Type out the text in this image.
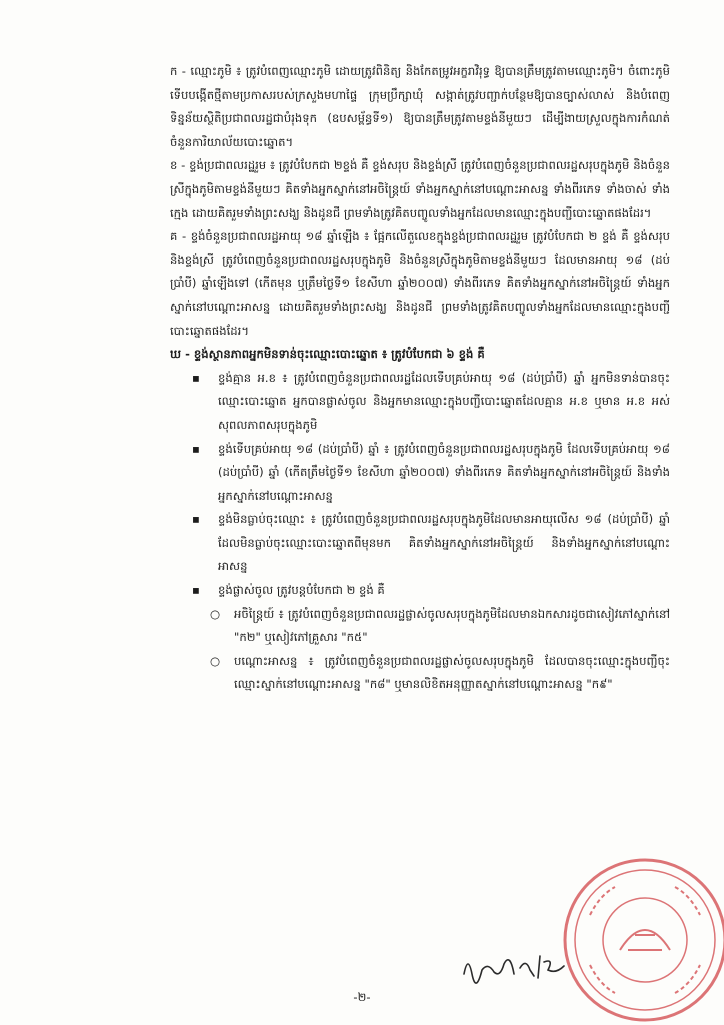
ក - ឈ្មោះភូមិ ៖ ត្រូវបំពេញឈ្មោះភូមិ ដោយត្រូវពិនិត្យ និងកែតម្រូវអក្ខរាវិរុទ្ធ ឱ្យបានត្រឹមត្រូវតាមឈ្មោះភូមិ។ ចំពោះភូមិទើបបង្កើតថ្មីតាមប្រកាសរបស់ក្រសួងមហាផ្ទៃ ក្រុមប្រឹក្សាឃុំ សង្កាត់ត្រូវបញ្ជាក់បន្ថែមឱ្យបានច្បាស់លាស់ និងបំពេញទិន្នន័យស្ថិតិប្រជាពលរដ្ឋជាបំរុងទុក (ឧបសម្ព័ន្ធទី១) ឱ្យបានត្រឹមត្រូវតាមខ្ទង់នីមួយៗ ដើម្បីងាយស្រួលក្នុងការកំណត់ចំនួនការិយាល័យបោះឆ្នោត។

ខ - ខ្ទង់ប្រជាពលរដ្ឋរួម ៖ ត្រូវបំបែកជា ២ខ្ទង់ គឺ ខ្ទង់សរុប និងខ្ទង់ស្រី ត្រូវបំពេញចំនួនប្រជាពលរដ្ឋសរុបក្នុងភូមិ និងចំនួនស្រីក្នុងភូមិតាមខ្ទង់នីមួយៗ គិតទាំងអ្នកស្នាក់នៅអចិន្ត្រៃយ៍ ទាំងអ្នកស្នាក់នៅបណ្តោះអាសន្ន ទាំងពីរភេទ ទាំងចាស់ ទាំងក្មេង ដោយគិតរួមទាំងព្រះសង្ឃ និងដូនជី ព្រមទាំងត្រូវគិតបញ្ចូលទាំងអ្នកដែលមានឈ្មោះក្នុងបញ្ជីបោះឆ្នោតផងដែរ។

គ - ខ្ទង់ចំនួនប្រជាពលរដ្ឋអាយុ ១៨ ឆ្នាំឡើង ៖ ផ្អែកលើតួលេខក្នុងខ្ទង់ប្រជាពលរដ្ឋរួម ត្រូវបំបែកជា ២ ខ្ទង់ គឺ ខ្ទង់សរុប និងខ្ទង់ស្រី ត្រូវបំពេញចំនួនប្រជាពលរដ្ឋសរុបក្នុងភូមិ និងចំនួនស្រីក្នុងភូមិតាមខ្ទង់នីមួយៗ ដែលមានអាយុ ១៨ (ដប់ប្រាំបី) ឆ្នាំឡើងទៅ (កើតមុន ឬត្រឹមថ្ងៃទី១ ខែសីហា ឆ្នាំ២០០៧) ទាំងពីរភេទ គិតទាំងអ្នកស្នាក់នៅអចិន្ត្រៃយ៍ ទាំងអ្នកស្នាក់នៅបណ្តោះអាសន្ន ដោយគិតរួមទាំងព្រះសង្ឃ និងដូនជី ព្រមទាំងត្រូវគិតបញ្ចូលទាំងអ្នកដែលមានឈ្មោះក្នុងបញ្ជីបោះឆ្នោតផងដែរ។

ឃ - ខ្ទង់ស្ថានភាពអ្នកមិនទាន់ចុះឈ្មោះបោះឆ្នោត ៖ ត្រូវបំបែកជា ៦ ខ្ទង់ គឺ

▪ ខ្ទង់គ្មាន អ.ខ ៖ ត្រូវបំពេញចំនួនប្រជាពលរដ្ឋដែលទើបគ្រប់អាយុ ១៨ (ដប់ប្រាំបី) ឆ្នាំ អ្នកមិនទាន់បានចុះឈ្មោះបោះឆ្នោត អ្នកបានផ្លាស់ចូល និងអ្នកមានឈ្មោះក្នុងបញ្ជីបោះឆ្នោតដែលគ្មាន អ.ខ ឬមាន អ.ខ អស់សុពលភាពសរុបក្នុងភូមិ

▪ ខ្ទង់ទើបគ្រប់អាយុ ១៨ (ដប់ប្រាំបី) ឆ្នាំ ៖ ត្រូវបំពេញចំនួនប្រជាពលរដ្ឋសរុបក្នុងភូមិ ដែលទើបគ្រប់អាយុ ១៨ (ដប់ប្រាំបី) ឆ្នាំ (កើតត្រឹមថ្ងៃទី១ ខែសីហា ឆ្នាំ២០០៧) ទាំងពីរភេទ គិតទាំងអ្នកស្នាក់នៅអចិន្ត្រៃយ៍ និងទាំងអ្នកស្នាក់នៅបណ្តោះអាសន្ន

▪ ខ្ទង់មិនធ្លាប់ចុះឈ្មោះ ៖ ត្រូវបំពេញចំនួនប្រជាពលរដ្ឋសរុបក្នុងភូមិដែលមានអាយុលើស ១៨ (ដប់ប្រាំបី) ឆ្នាំ ដែលមិនធ្លាប់ចុះឈ្មោះបោះឆ្នោតពីមុនមក គិតទាំងអ្នកស្នាក់នៅអចិន្ត្រៃយ៍ និងទាំងអ្នកស្នាក់នៅបណ្តោះអាសន្ន

▪ ខ្ទង់ផ្លាស់ចូល ត្រូវបន្តបំបែកជា ២ ខ្ទង់ គឺ

○ អចិន្ត្រៃយ៍ ៖ ត្រូវបំពេញចំនួនប្រជាពលរដ្ឋផ្លាស់ចូលសរុបក្នុងភូមិដែលមានឯកសារដូចជាសៀវភៅស្នាក់នៅ "ក២" ឬសៀវភៅគ្រួសារ "ក៥"

○ បណ្តោះអាសន្ន ៖ ត្រូវបំពេញចំនួនប្រជាពលរដ្ឋផ្លាស់ចូលសរុបក្នុងភូមិ ដែលបានចុះឈ្មោះក្នុងបញ្ជីចុះឈ្មោះស្នាក់នៅបណ្តោះអាសន្ន "ក៨" ឬមានលិខិតអនុញ្ញាតស្នាក់នៅបណ្តោះអាសន្ន "ក៩"

-២-
